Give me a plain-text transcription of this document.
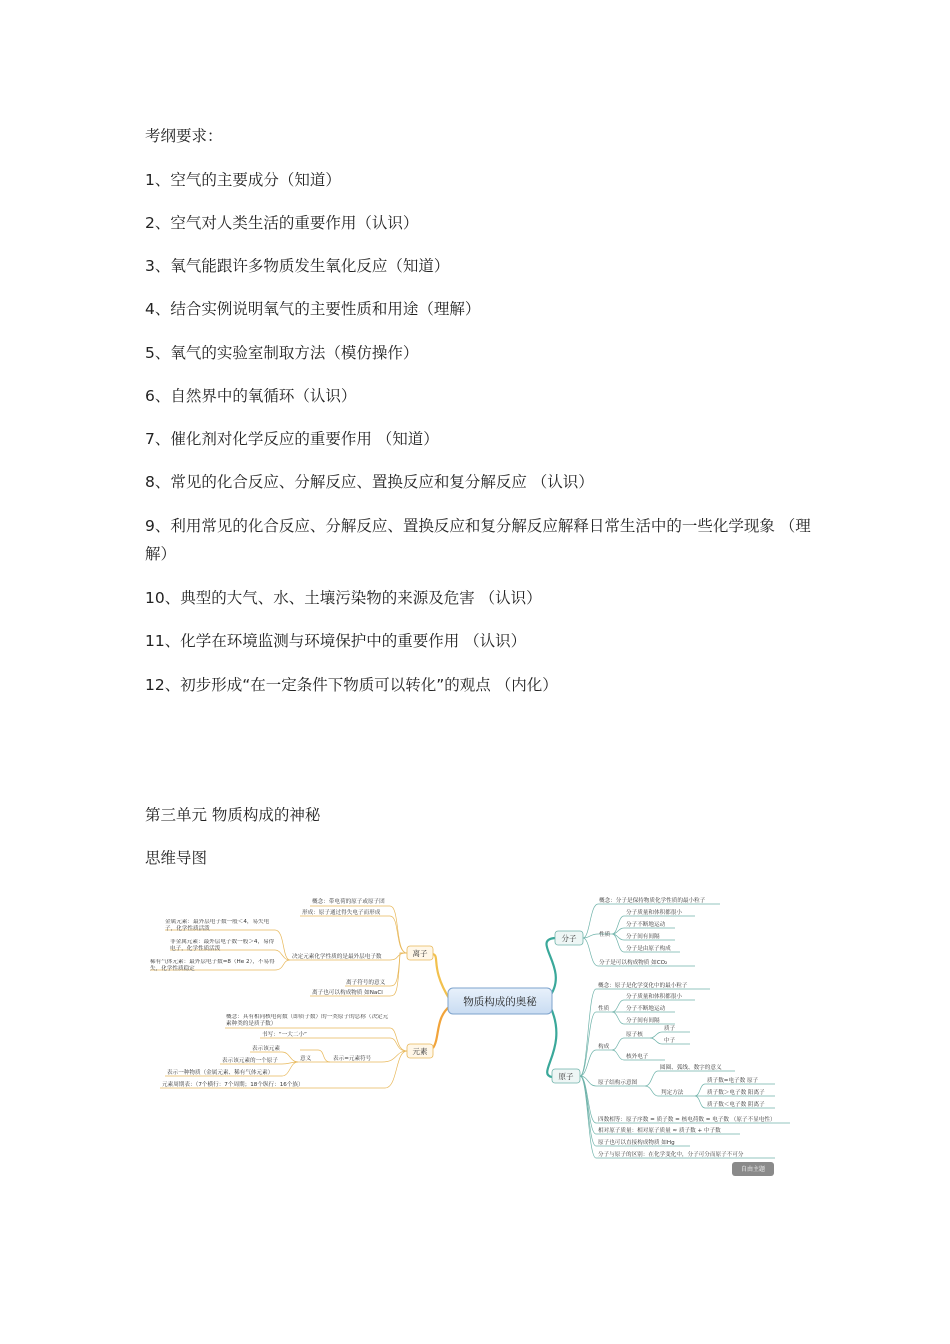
考纲要求：
1、空气的主要成分（知道）
2、空气对人类生活的重要作用（认识）
3、氧气能跟许多物质发生氧化反应（知道）
4、结合实例说明氧气的主要性质和用途（理解）
5、氧气的实验室制取方法（模仿操作）
6、自然界中的氧循环（认识）
7、催化剂对化学反应的重要作用 （知道）
8、常见的化合反应、分解反应、置换反应和复分解反应 （认识）
9、利用常见的化合反应、分解反应、置换反应和复分解反应解释日常生活中的一些化学现象 （理解）
10、典型的大气、水、土壤污染物的来源及危害 （认识）
11、化学在环境监测与环境保护中的重要作用 （认识）
12、初步形成“在一定条件下物质可以转化”的观点 （内化）
第三单元 物质构成的神秘
思维导图
物质构成的奥秘
离子
概念：带电荷的原子或原子团
形成：原子通过得失电子而形成
决定元素化学性质的是最外层电子数
离子符号的意义
离子也可以构成物质 如NaCl
金属元素：最外层电子数一般＜4，易失电子，化学性质活泼
非金属元素：最外层电子数一般＞4，易得电子，化学性质活泼
稀有气体元素：最外层电子数=8（He 2），不易得失，化学性质稳定
元素
概念：具有相同核电荷数（即质子数）的一类原子的总称（决定元素种类的是质子数）
书写：“一大二小”
表示=元素符号
意义
表示该元素
表示该元素的一个原子
表示一种物质（金属元素、稀有气体元素）
元素周期表：（7个横行：7个周期；18个纵行：16个族）
分子
概念：分子是保持物质化学性质的最小粒子
性质
分子质量和体积都很小
分子不断地运动
分子间有间隔
分子是由原子构成
分子是可以构成物质 如CO₂
原子
概念：原子是化学变化中的最小粒子
性质
分子质量和体积都很小
分子不断地运动
分子间有间隔
构成
原子核
质子
中子
核外电子
原子结构示意图
圆圈、弧线、数字的意义
判定方法
质子数=电子数 原子
质子数＞电子数 阳离子
质子数＜电子数 阴离子
四数相等：原子序数 = 质子数 = 核电荷数 = 电子数 （原子不显电性）
相对原子质量：相对原子质量 ≈ 质子数 + 中子数
原子也可以直接构成物质 如Hg
分子与原子的区别：在化学变化中，分子可分而原子不可分
自由主题
